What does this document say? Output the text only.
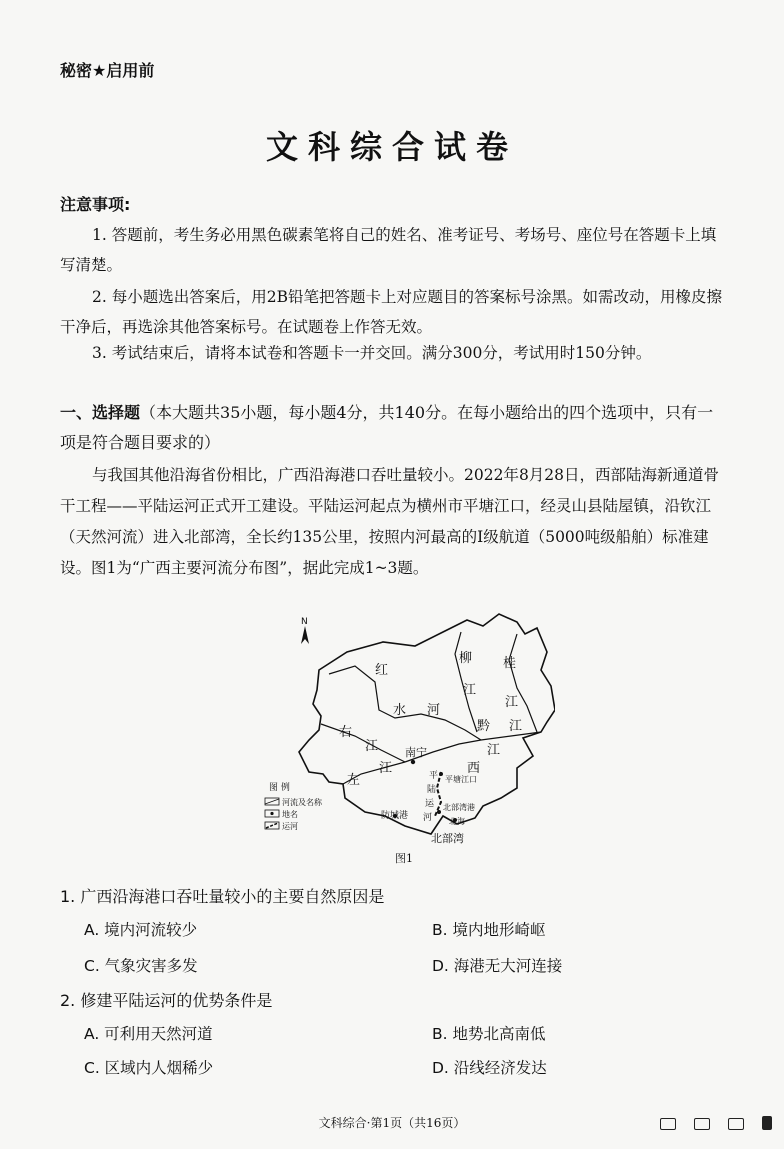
秘密★启用前
文科综合试卷
注意事项:
1. 答题前，考生务必用黑色碳素笔将自己的姓名、准考证号、考场号、座位号在答题卡上填写清楚。
2. 每小题选出答案后，用2B铅笔把答题卡上对应题目的答案标号涂黑。如需改动，用橡皮擦干净后，再选涂其他答案标号。在试题卷上作答无效。
3. 考试结束后，请将本试卷和答题卡一并交回。满分300分，考试用时150分钟。
一、选择题（本大题共35小题，每小题4分，共140分。在每小题给出的四个选项中，只有一项是符合题目要求的）
与我国其他沿海省份相比，广西沿海港口吞吐量较小。2022年8月28日，西部陆海新通道骨干工程——平陆运河正式开工建设。平陆运河起点为横州市平塘江口，经灵山县陆屋镇，沿钦江（天然河流）进入北部湾，全长约135公里，按照内河最高的I级航道（5000吨级船舶）标准建设。图1为“广西主要河流分布图”，据此完成1~3题。
N
红
水 河
柳
江
桂
江
右
江
左
江
黔 江
西
江
平
陆
运
河
南宁
平塘江口
防城港
北部湾港
北海
北部湾
图 例
河流及名称
地名
运河
图1
1. 广西沿海港口吞吐量较小的主要自然原因是
A. 境内河流较少	B. 境内地形崎岖
C. 气象灾害多发	D. 海港无大河连接
2. 修建平陆运河的优势条件是
A. 可利用天然河道	B. 地势北高南低
C. 区域内人烟稀少	D. 沿线经济发达
文科综合·第1页（共16页）
